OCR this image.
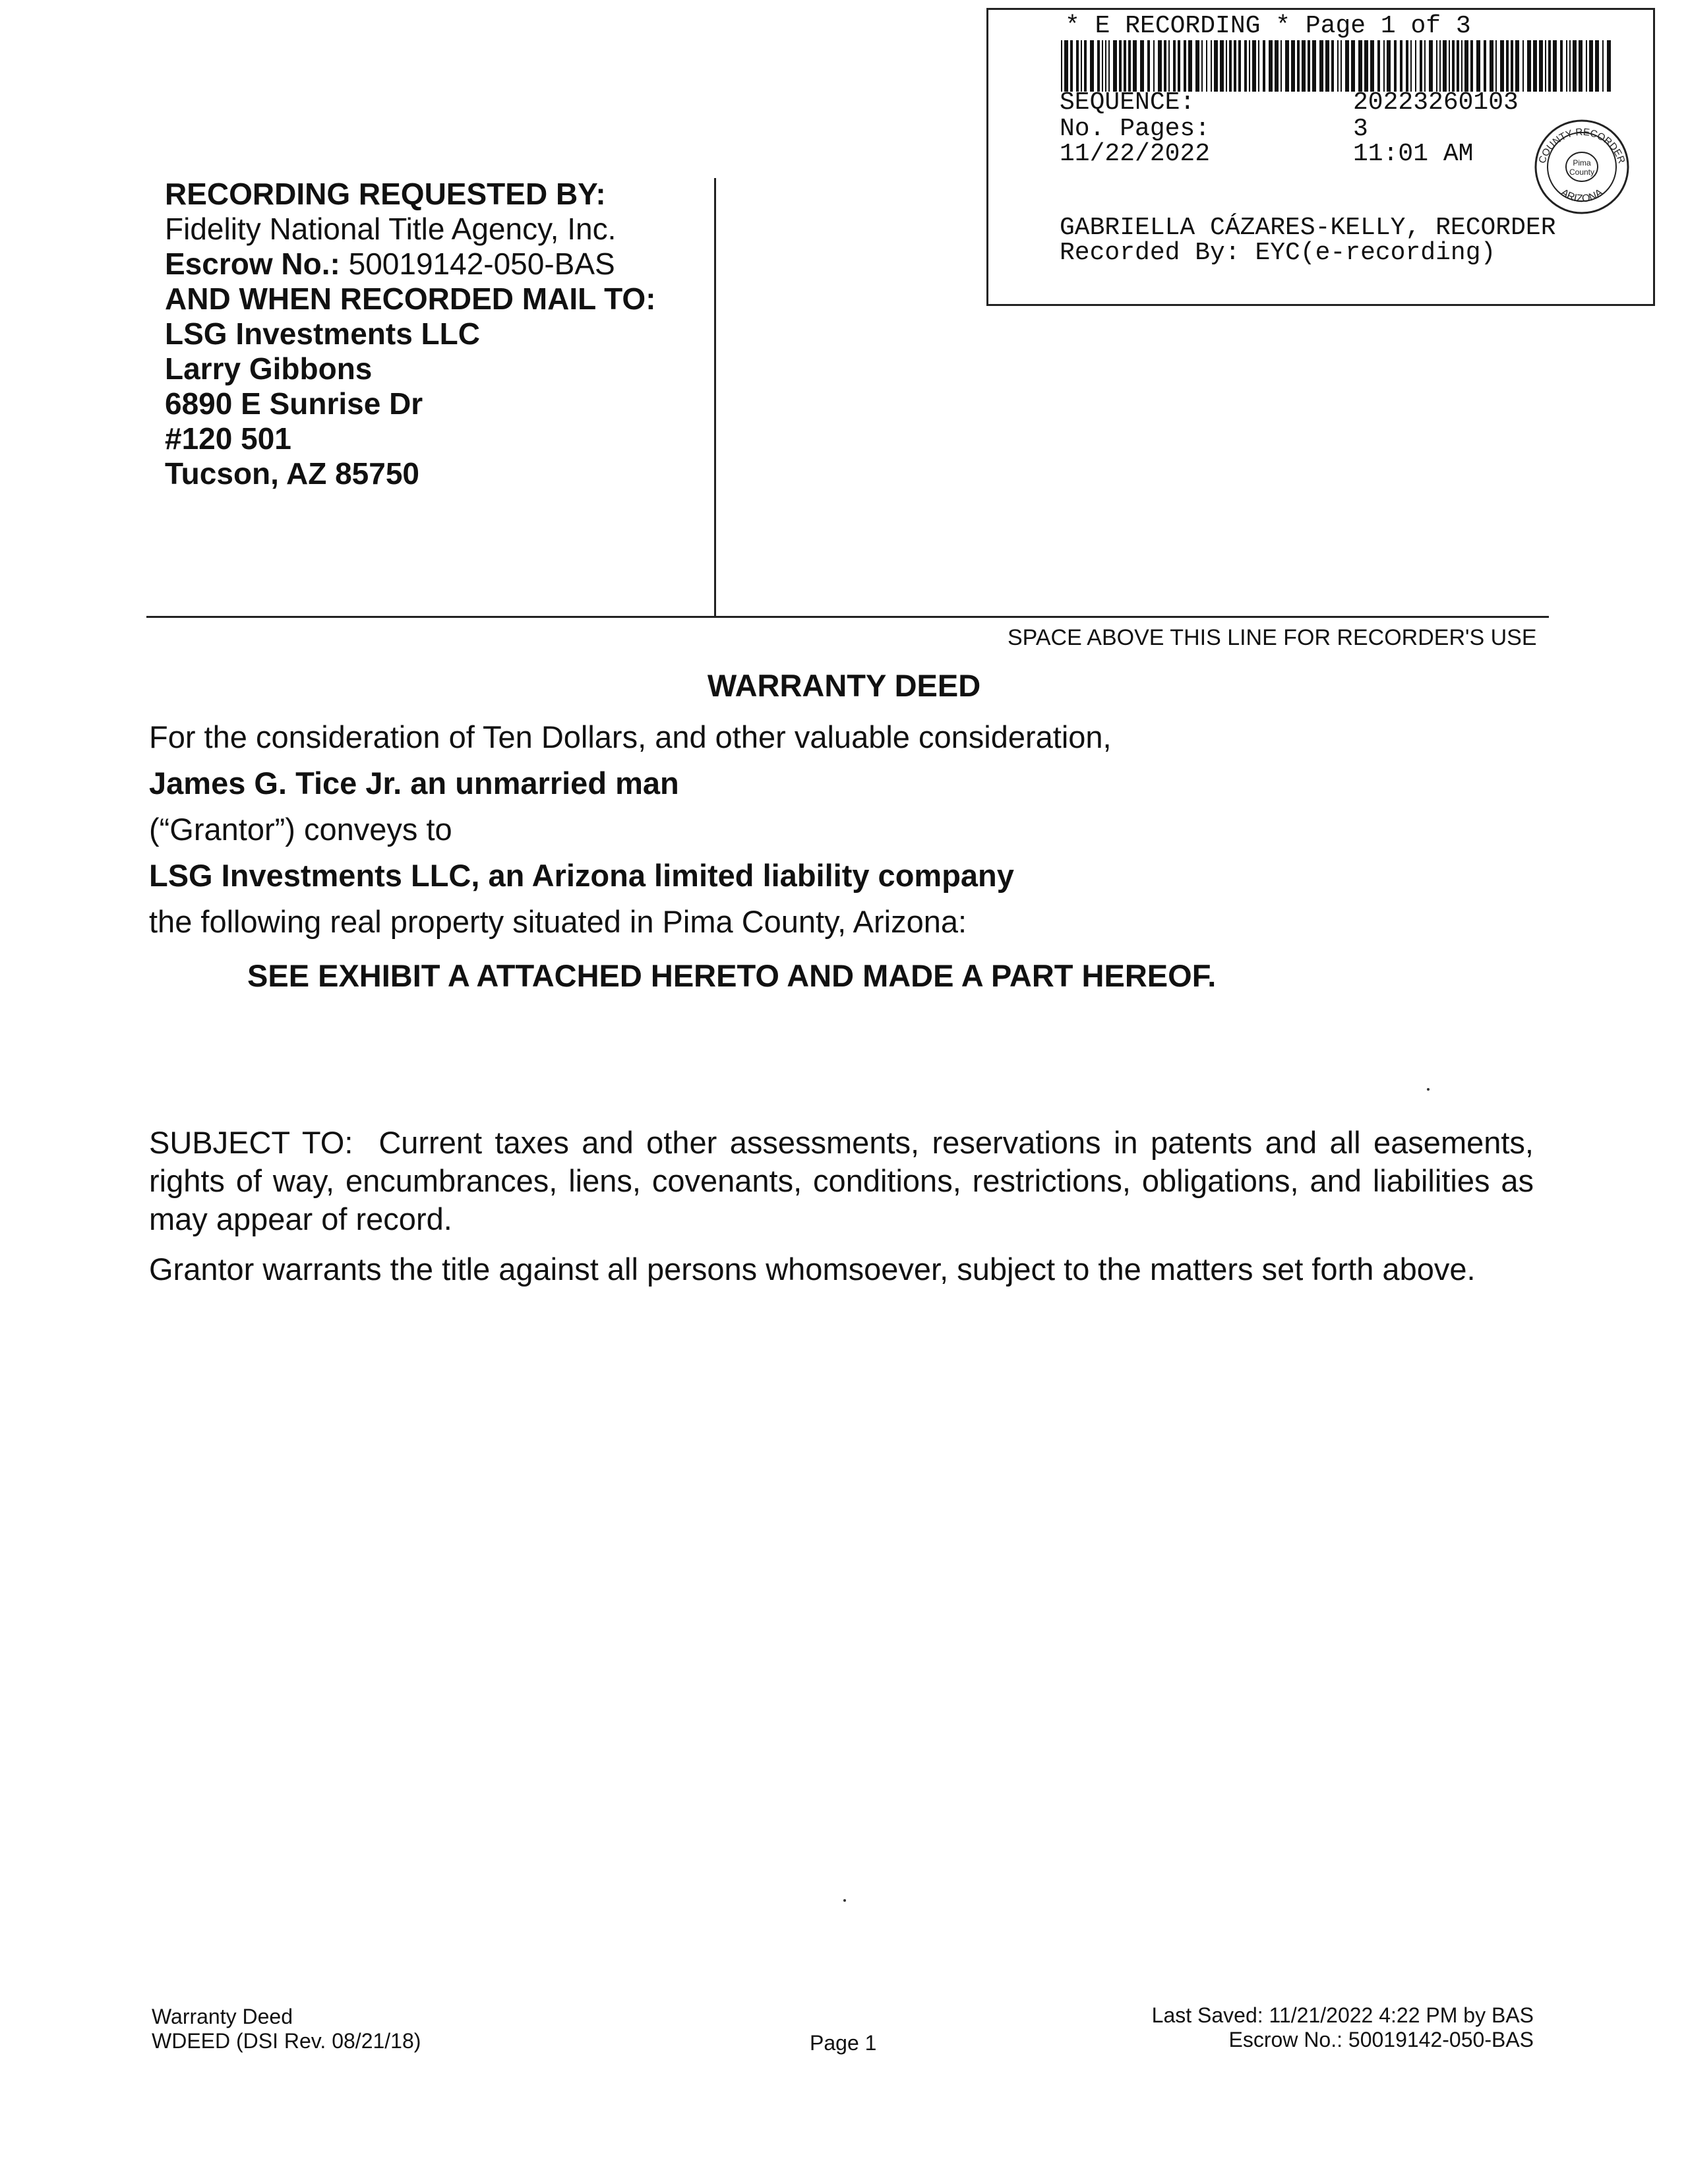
* E RECORDING * Page 1 of 3
SEQUENCE:	20223260103
No. Pages:	3
11/22/2022	11:01 AM	COUNTY RECORDER
ARIZONA
Pima
County
GABRIELLA CÁZARES-KELLY, RECORDER
Recorded By: EYC(e-recording)
RECORDING REQUESTED BY:
Fidelity National Title Agency, Inc.
Escrow No.: 50019142-050-BAS
AND WHEN RECORDED MAIL TO:
LSG Investments LLC
Larry Gibbons
6890 E Sunrise Dr
#120 501
Tucson, AZ 85750
SPACE ABOVE THIS LINE FOR RECORDER'S USE
WARRANTY DEED
For the consideration of Ten Dollars, and other valuable consideration,
James G. Tice Jr. an unmarried man
(“Grantor”) conveys to
LSG Investments LLC, an Arizona limited liability company
the following real property situated in Pima County, Arizona:
SEE EXHIBIT A ATTACHED HERETO AND MADE A PART HEREOF.
SUBJECT TO: Current taxes and other assessments, reservations in patents and all easements, rights of way, encumbrances, liens, covenants, conditions, restrictions, obligations, and liabilities as may appear of record.
Grantor warrants the title against all persons whomsoever, subject to the matters set forth above.
Warranty Deed
WDEED (DSI Rev. 08/21/18)	Page 1
Last Saved: 11/21/2022 4:22 PM by BAS
Escrow No.: 50019142-050-BAS
